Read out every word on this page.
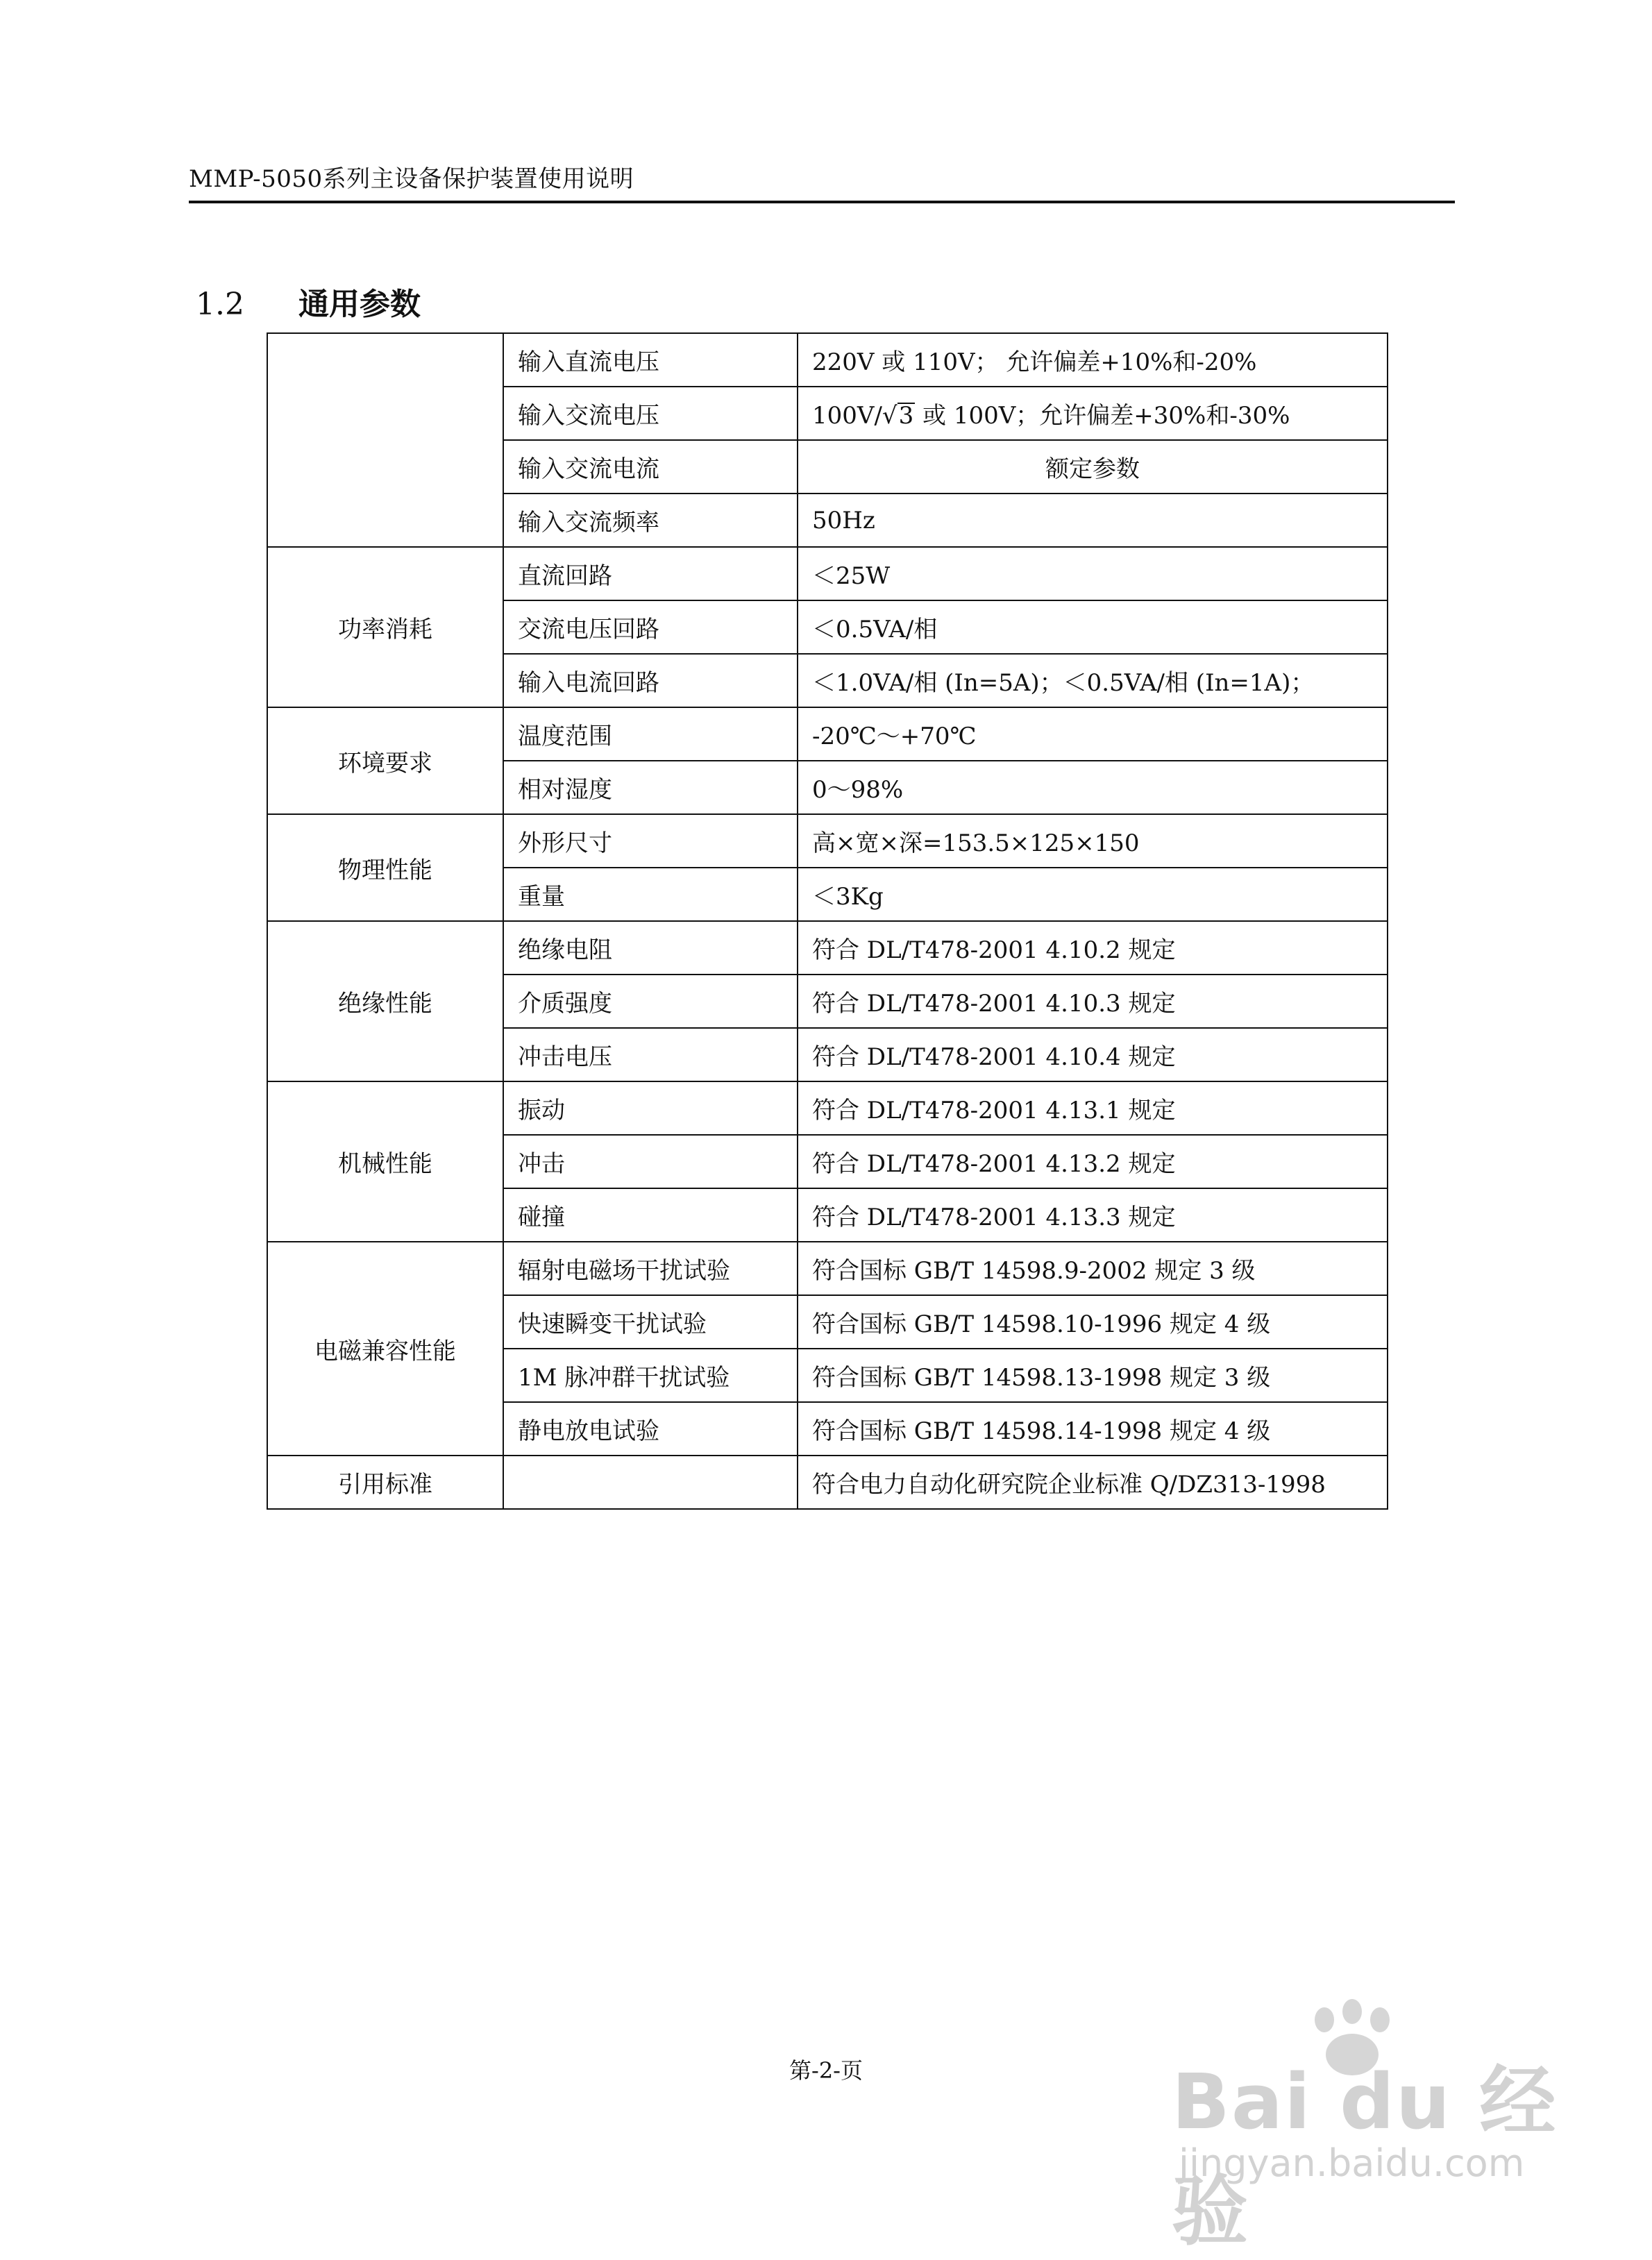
MMP-5050系列主设备保护装置使用说明
1.2 通用参数
	输入直流电压	220V 或 110V； 允许偏差+10%和-20%
	输入交流电压	100V/√3 或 100V；允许偏差+30%和-30%
	输入交流电流	额定参数
	输入交流频率	50Hz
功率消耗	直流回路	＜25W
	交流电压回路	＜0.5VA/相
	输入电流回路	＜1.0VA/相 (In=5A)；＜0.5VA/相 (In=1A)；
环境要求	温度范围	-20℃～+70℃
	相对湿度	0～98%
物理性能	外形尺寸	高×宽×深=153.5×125×150
	重量	＜3Kg
绝缘性能	绝缘电阻	符合 DL/T478-2001 4.10.2 规定
	介质强度	符合 DL/T478-2001 4.10.3 规定
	冲击电压	符合 DL/T478-2001 4.10.4 规定
机械性能	振动	符合 DL/T478-2001 4.13.1 规定
	冲击	符合 DL/T478-2001 4.13.2 规定
	碰撞	符合 DL/T478-2001 4.13.3 规定
电磁兼容性能	辐射电磁场干扰试验	符合国标 GB/T 14598.9-2002 规定 3 级
	快速瞬变干扰试验	符合国标 GB/T 14598.10-1996 规定 4 级
	1M 脉冲群干扰试验	符合国标 GB/T 14598.13-1998 规定 3 级
	静电放电试验	符合国标 GB/T 14598.14-1998 规定 4 级
引用标准		符合电力自动化研究院企业标准 Q/DZ313-1998
第-2-页	Bai du 经验
jingyan.baidu.com
